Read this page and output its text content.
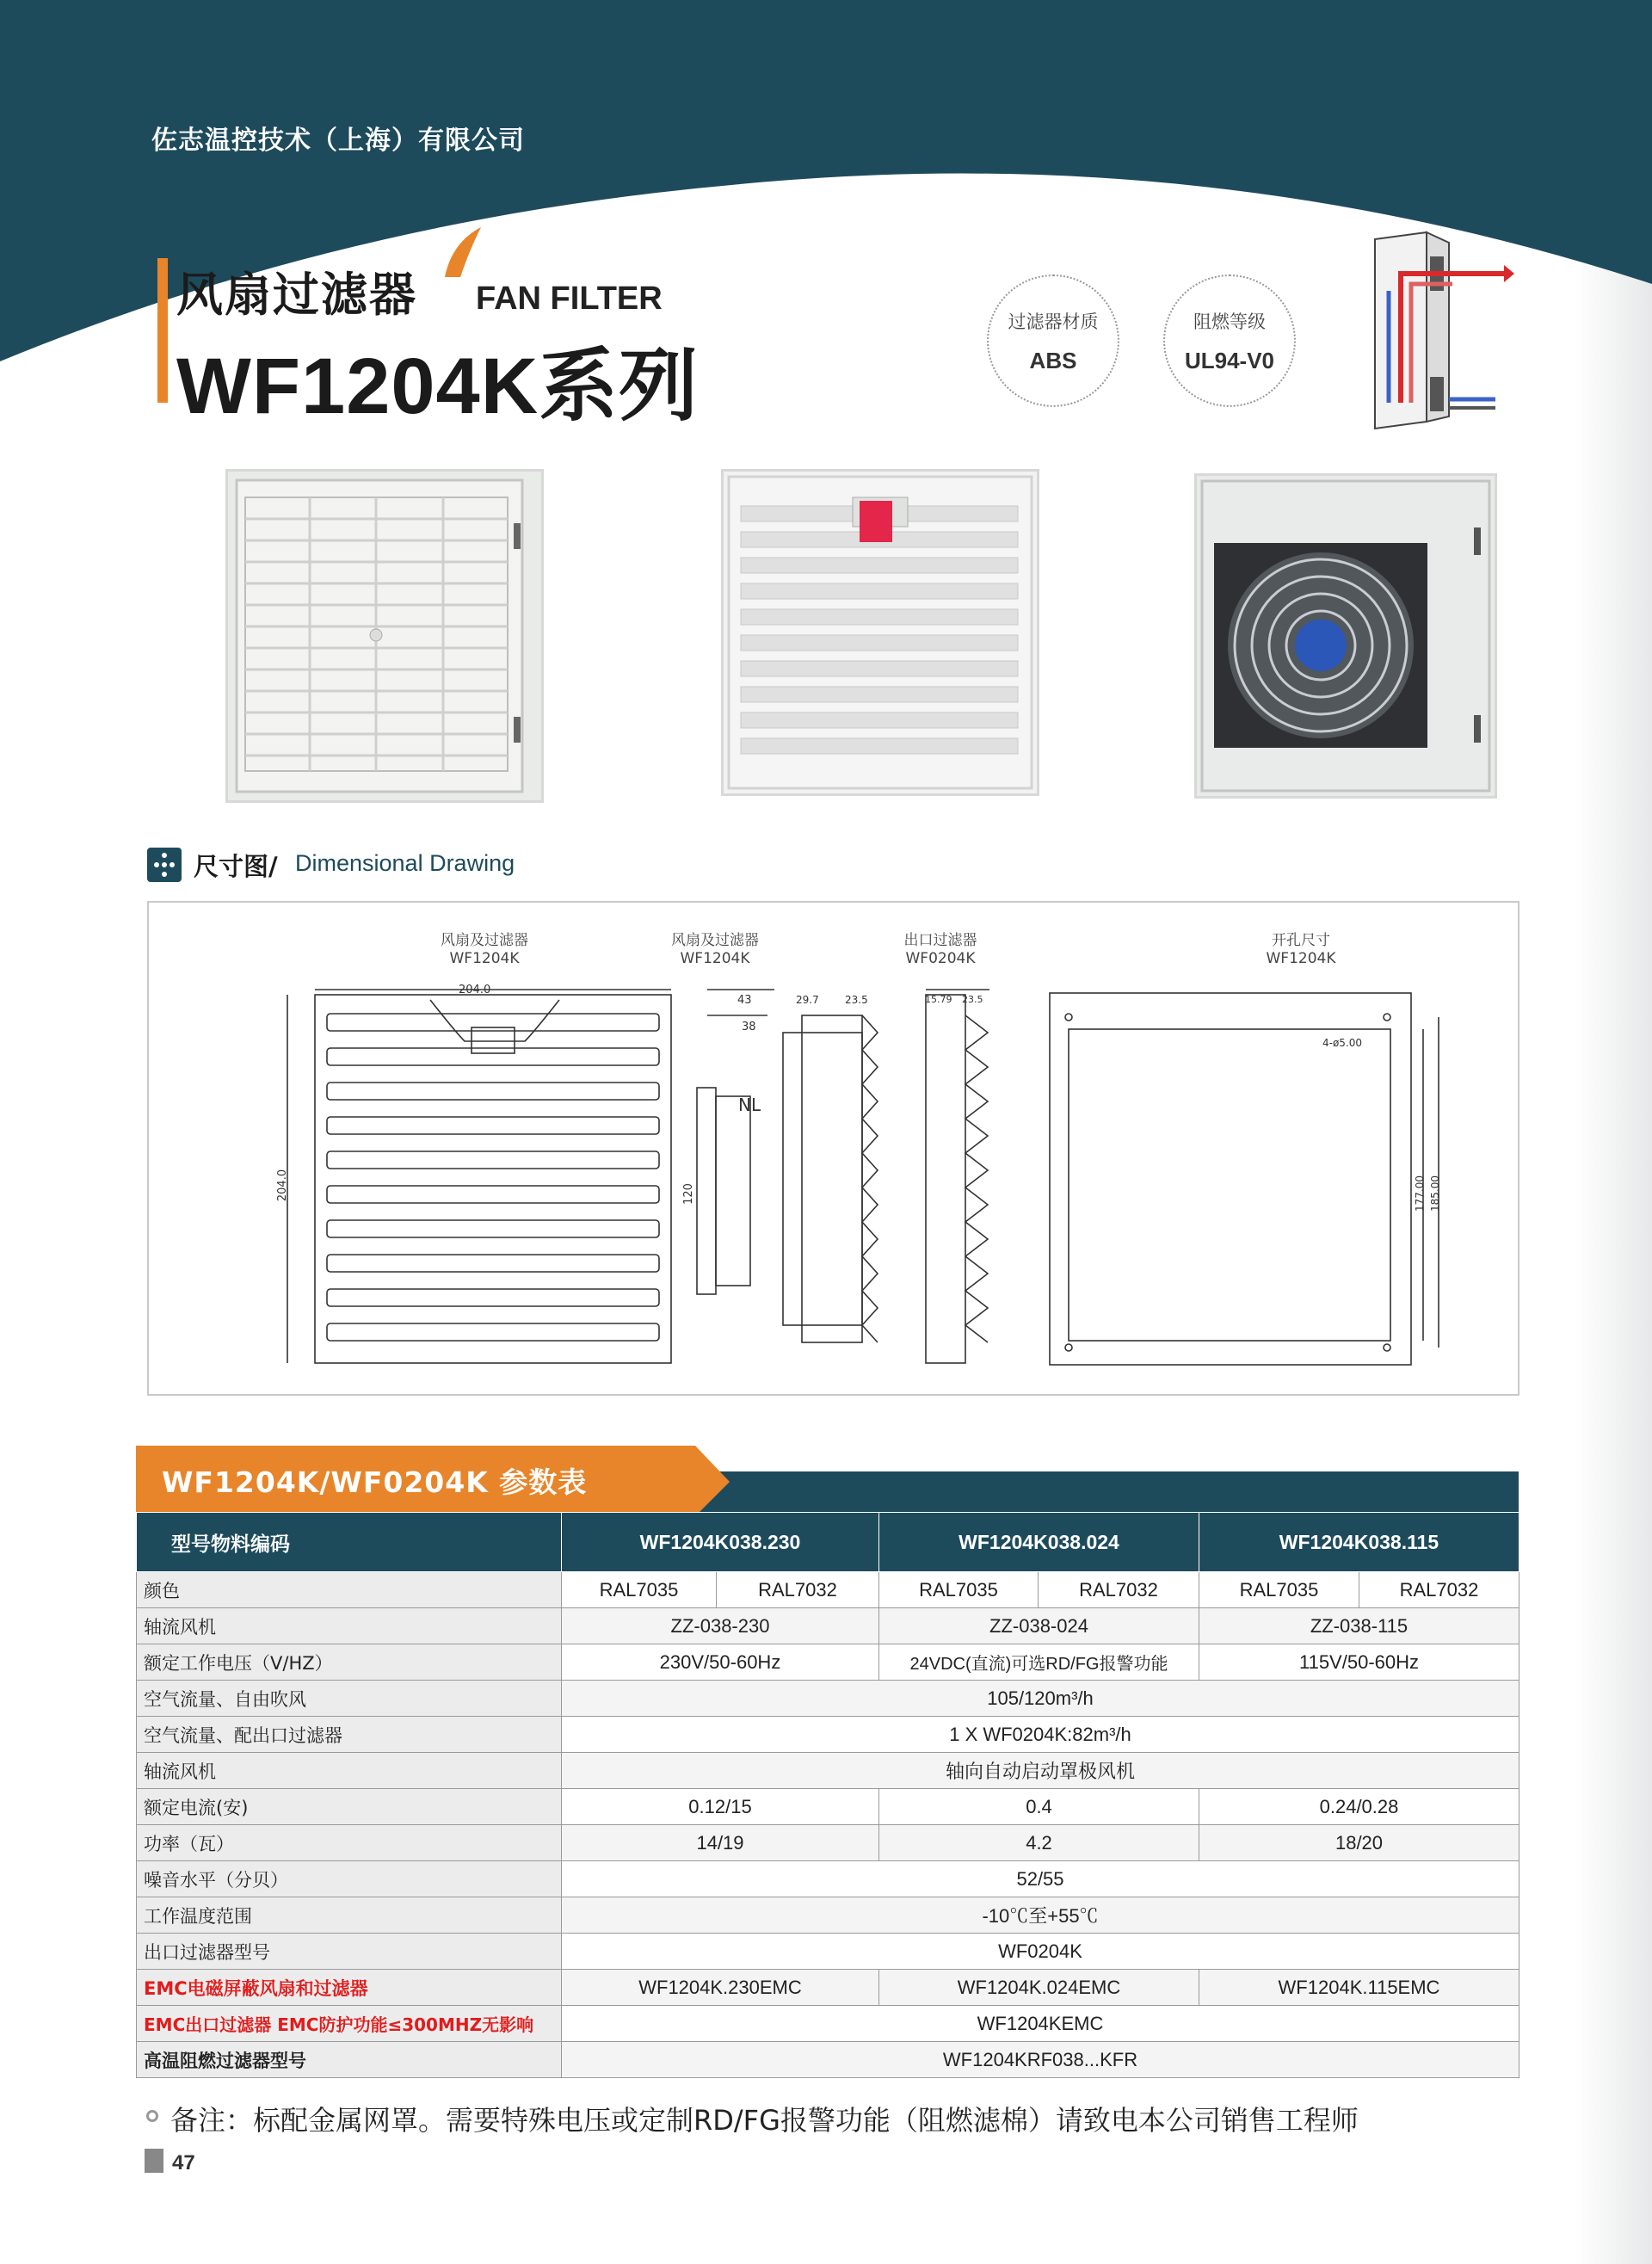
佐志温控技术（上海）有限公司
风扇过滤器 FAN FILTER
WF1204K系列
过滤器材质
ABS
阻燃等级
UL94-V0
尺寸图/ Dimensional Drawing
风扇及过滤器
WF1204K
风扇及过滤器
WF1204K
出口过滤器
WF0204K
开孔尺寸
WF1204K
204.0
204.0
43
38
29.7	23.5
120
NL
15.79 23.5
4-ø5.00
177.00 185.00
WF1204K/WF0204K 参数表
型号物料编码	WF1204K038.230		WF1204K038.024		WF1204K038.115	
颜色	RAL7035	RAL7032	RAL7035	RAL7032	RAL7035	RAL7032
轴流风机	ZZ-038-230		ZZ-038-024		ZZ-038-115	
额定工作电压（V/HZ）	230V/50-60Hz		24VDC(直流)可选RD/FG报警功能		115V/50-60Hz	
空气流量、自由吹风	105/120m³/h					
空气流量、配出口过滤器	1 X WF0204K:82m³/h					
轴流风机	轴向自动启动罩极风机					
额定电流(安)	0.12/15		0.4		0.24/0.28	
功率（瓦）	14/19		4.2		18/20	
噪音水平（分贝）	52/55					
工作温度范围	-10℃至+55℃					
出口过滤器型号	WF0204K					
EMC电磁屏蔽风扇和过滤器	WF1204K.230EMC		WF1204K.024EMC		WF1204K.115EMC	
EMC出口过滤器 EMC防护功能≤300MHZ无影响	WF1204KEMC					
高温阻燃过滤器型号	WF1204KRF038...KFR					
备注：标配金属网罩。需要特殊电压或定制RD/FG报警功能（阻燃滤棉）请致电本公司销售工程师
47
